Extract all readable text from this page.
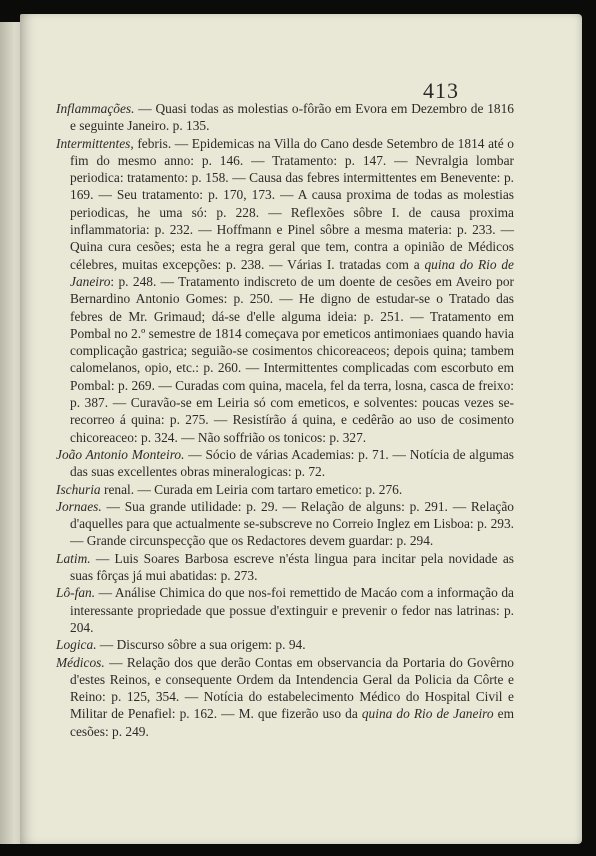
413

Inflammações. — Quasi todas as molestias o-fôrão em Evora em Dezembro de 1816 e seguinte Janeiro. p. 135.

Intermittentes, febris. — Epidemicas na Villa do Cano desde Setembro de 1814 até o fim do mesmo anno: p. 146. — Tratamento: p. 147. — Nevralgia lombar periodica: tratamento: p. 158. — Causa das febres intermittentes em Benevente: p. 169. — Seu tratamento: p. 170, 173. — A causa proxima de todas as molestias periodicas, he uma só: p. 228. — Reflexões sôbre I. de causa proxima inflammatoria: p. 232. — Hoffmann e Pinel sôbre a mesma materia: p. 233. — Quina cura cesões; esta he a regra geral que tem, contra a opinião de Médicos célebres, muitas excepções: p. 238. — Várias I. tratadas com a quina do Rio de Janeiro: p. 248. — Tratamento indiscreto de um doente de cesões em Aveiro por Bernardino Antonio Gomes: p. 250. — He digno de estudar-se o Tratado das febres de Mr. Grimaud; dá-se d'elle alguma ideia: p. 251. — Tratamento em Pombal no 2.º semestre de 1814 começava por emeticos antimoniaes quando havia complicação gastrica; seguião-se cosimentos chicoreaceos; depois quina; tambem calomelanos, opio, etc.: p. 260. — Intermittentes complicadas com escorbuto em Pombal: p. 269. — Curadas com quina, macela, fel da terra, losna, casca de freixo: p. 387. — Curavão-se em Leiria só com emeticos, e solventes: poucas vezes se-recorreo á quina: p. 275. — Resistírão á quina, e cedêrão ao uso de cosimento chicoreaceo: p. 324. — Não soffrião os tonicos: p. 327.

João Antonio Monteiro. — Sócio de várias Academias: p. 71. — Notícia de algumas das suas excellentes obras mineralogicas: p. 72.

Ischuria renal. — Curada em Leiria com tartaro emetico: p. 276.

Jornaes. — Sua grande utilidade: p. 29. — Relação de alguns: p. 291. — Relação d'aquelles para que actualmente se-subscreve no Correio Inglez em Lisboa: p. 293. — Grande circunspecção que os Redactores devem guardar: p. 294.

Latim. — Luis Soares Barbosa escreve n'ésta lingua para incitar pela novidade as suas fôrças já mui abatidas: p. 273.

Lô-fan. — Análise Chimica do que nos-foi remettido de Macáo com a informação da interessante propriedade que possue d'extinguir e prevenir o fedor nas latrinas: p. 204.

Logica. — Discurso sôbre a sua origem: p. 94.

Médicos. — Relação dos que derão Contas em observancia da Portaria do Govêrno d'estes Reinos, e consequente Ordem da Intendencia Geral da Policia da Côrte e Reino: p. 125, 354. — Notícia do estabelecimento Médico do Hospital Civil e Militar de Penafiel: p. 162. — M. que fizerão uso da quina do Rio de Janeiro em cesões: p. 249.
